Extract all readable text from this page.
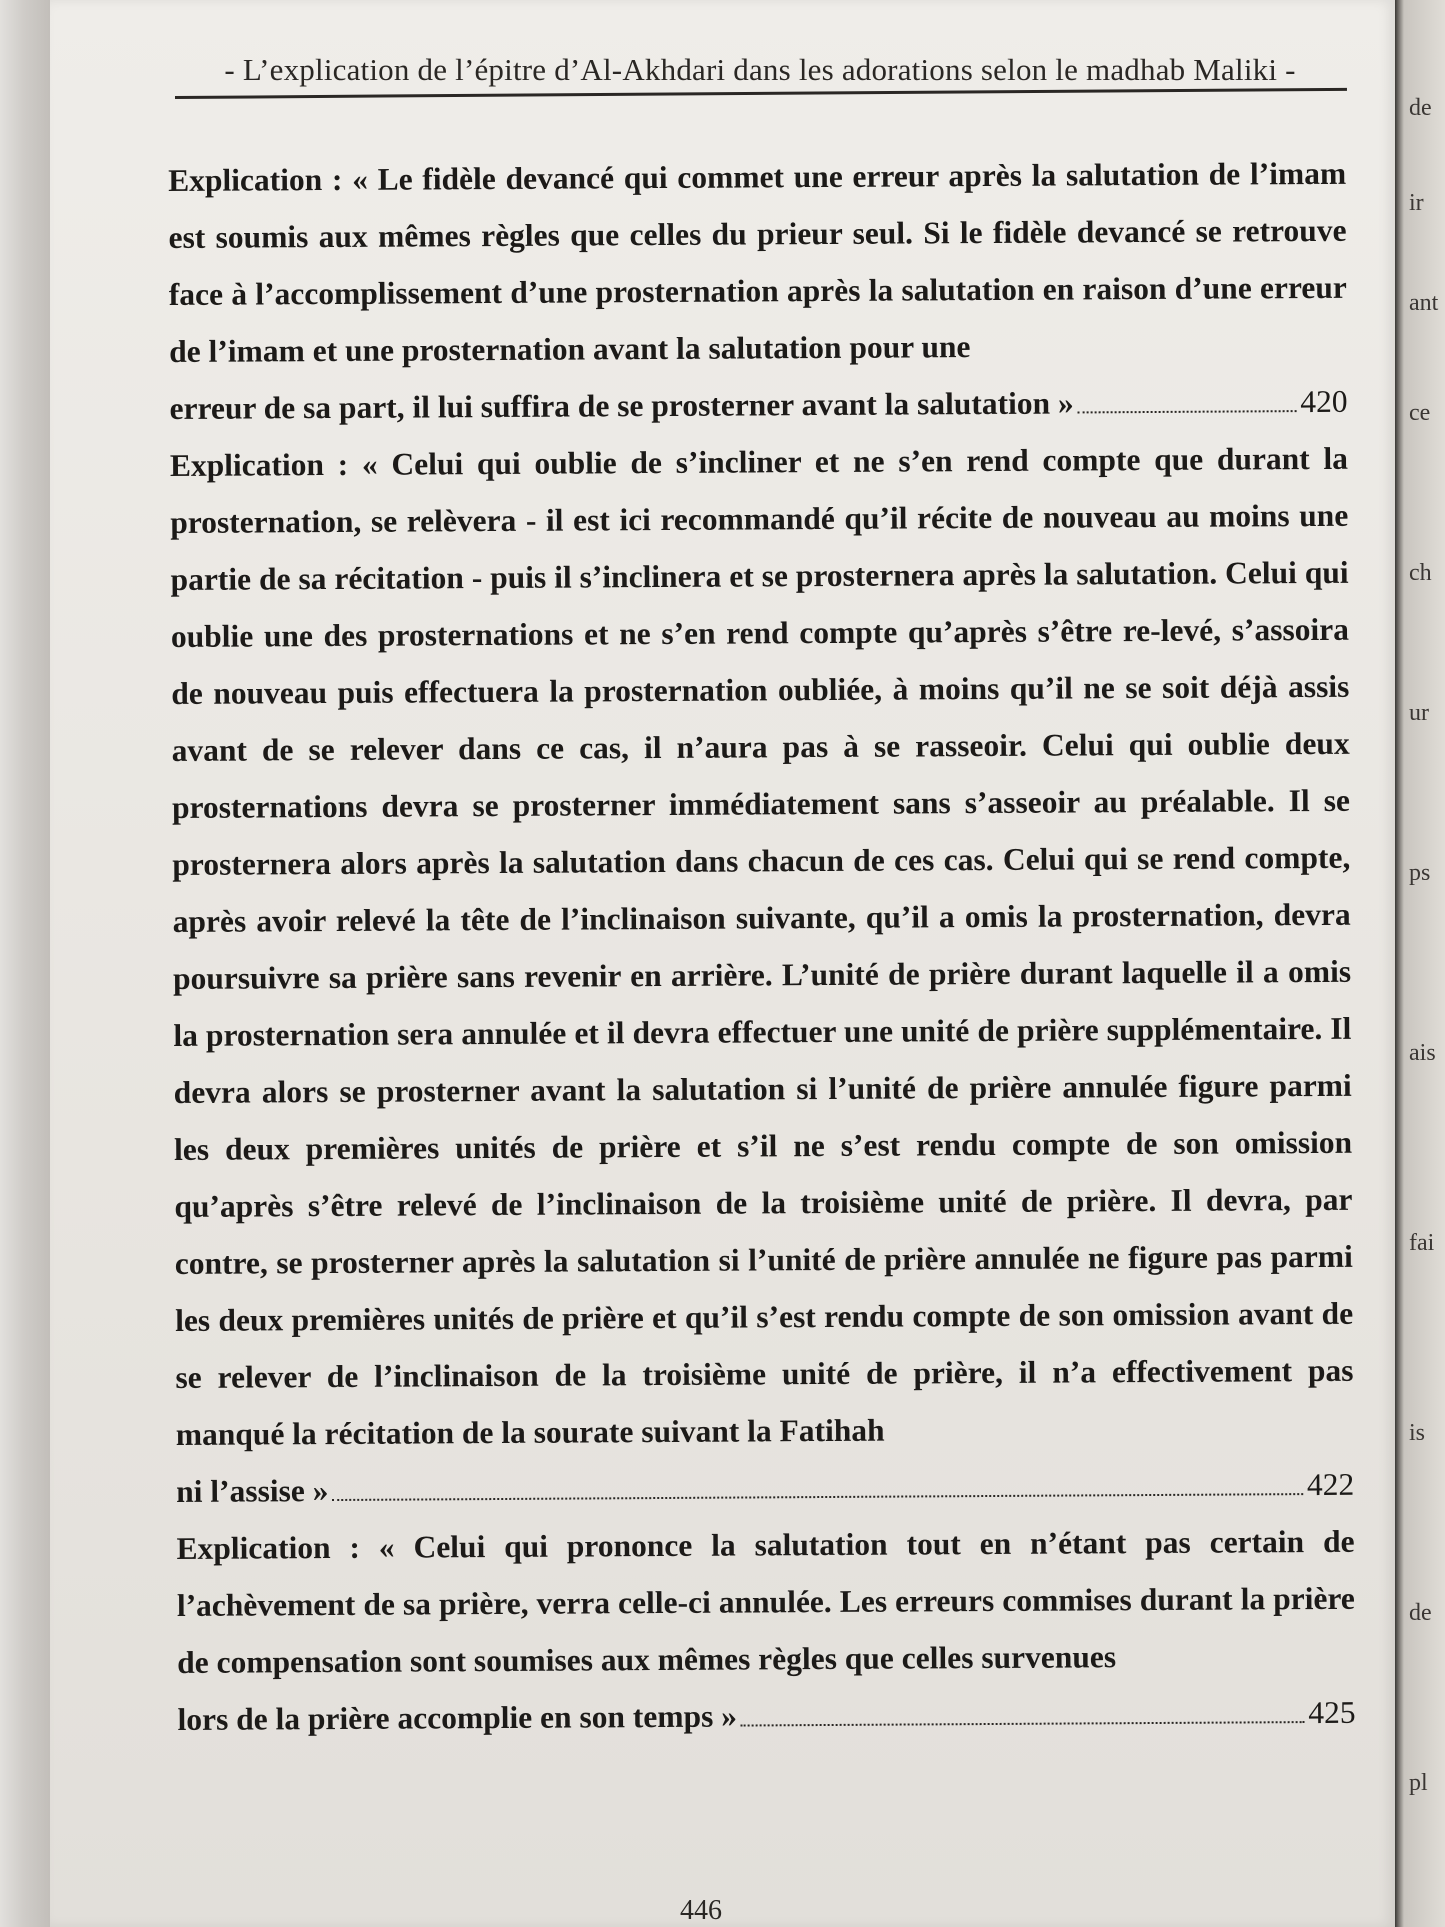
de
ir
ant
ce
ch
ur
ps
ais
fai
is
de
pl
- L’explication de l’épitre d’Al-Akhdari dans les adorations selon le madhab Maliki -
Explication : « Le fidèle devancé qui commet une erreur après la salutation de l’imam est soumis aux mêmes règles que celles du prieur seul. Si le fidèle devancé se retrouve face à l’accomplissement d’une prosternation après la salutation en raison d’une erreur de l’imam et une prosternation avant la salutation pour une
erreur de sa part, il lui suffira de se prosterner avant la salutation »	420
Explication : « Celui qui oublie de s’incliner et ne s’en rend compte que durant la prosternation, se relèvera - il est ici recommandé qu’il récite de nouveau au moins une partie de sa récitation - puis il s’inclinera et se prosternera après la salutation. Celui qui oublie une des prosternations et ne s’en rend compte qu’après s’être re-levé, s’assoira de nouveau puis effectuera la prosternation oubliée, à moins qu’il ne se soit déjà assis avant de se relever dans ce cas, il n’aura pas à se rasseoir. Celui qui oublie deux prosternations devra se prosterner immédiatement sans s’asseoir au préalable. Il se prosternera alors après la salutation dans chacun de ces cas. Celui qui se rend compte, après avoir relevé la tête de l’inclinaison suivante, qu’il a omis la prosternation, devra poursuivre sa prière sans revenir en arrière. L’unité de prière durant laquelle il a omis la prosternation sera annulée et il devra effectuer une unité de prière supplémentaire. Il devra alors se prosterner avant la salutation si l’unité de prière annulée figure parmi les deux premières unités de prière et s’il ne s’est rendu compte de son omission qu’après s’être relevé de l’inclinaison de la troisième unité de prière. Il devra, par contre, se prosterner après la salutation si l’unité de prière annulée ne figure pas parmi les deux premières unités de prière et qu’il s’est rendu compte de son omission avant de se relever de l’inclinaison de la troisième unité de prière, il n’a effectivement pas manqué la récitation de la sourate suivant la Fatihah
ni l’assise »	422
Explication : « Celui qui prononce la salutation tout en n’étant pas certain de l’achèvement de sa prière, verra celle-ci annulée. Les erreurs commises durant la prière de compensation sont soumises aux mêmes règles que celles survenues
lors de la prière accomplie en son temps »	425
446
